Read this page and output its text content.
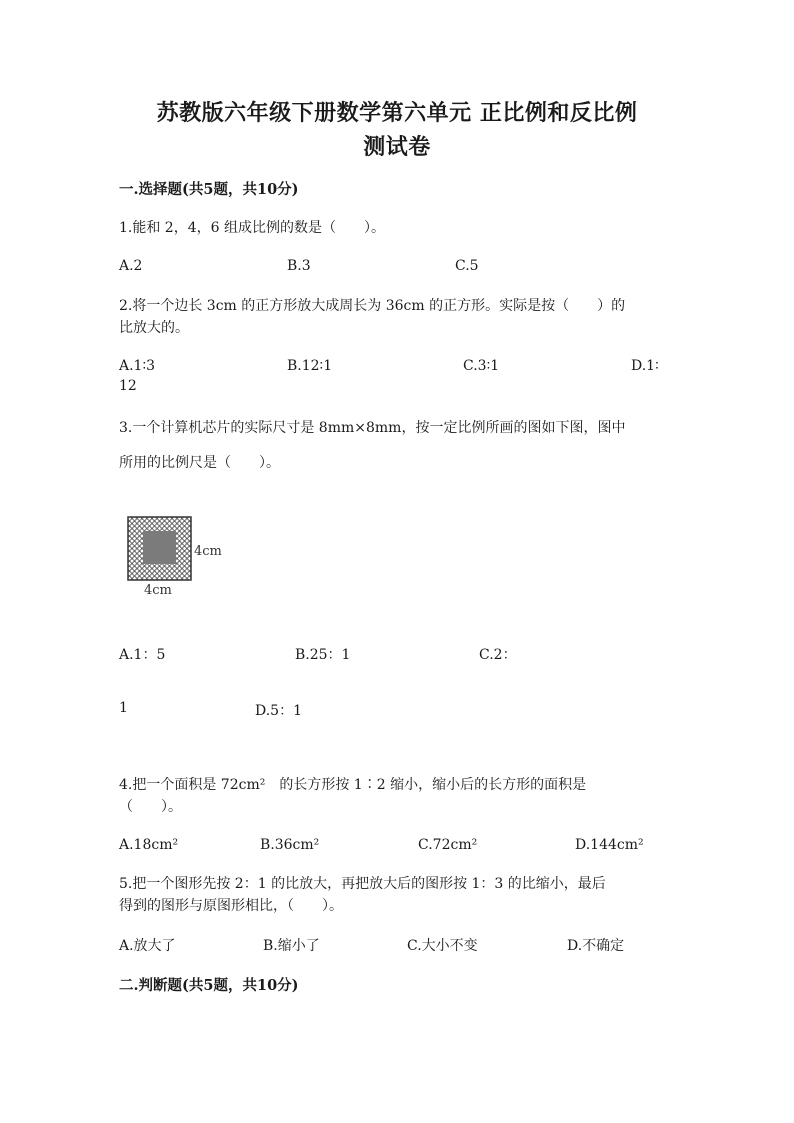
苏教版六年级下册数学第六单元 正比例和反比例
测试卷
一.选择题(共5题，共10分)
1.能和 2，4，6 组成比例的数是（　　）。
A.2	B.3	C.5
2.将一个边长 3cm 的正方形放大成周长为 36cm 的正方形。实际是按（　　）的
比放大的。
A.1∶3	B.12∶1	C.3∶1	D.1∶
12
3.一个计算机芯片的实际尺寸是 8mm×8mm，按一定比例所画的图如下图，图中
所用的比例尺是（　　）。
4cm
4cm
A.1：5	B.25：1	C.2：
1	D.5：1
4.把一个面积是 72cm²　的长方形按 1∶2 缩小，缩小后的长方形的面积是
（　　）。
A.18cm²	B.36cm²	C.72cm²	D.144cm²
5.把一个图形先按 2：1 的比放大，再把放大后的图形按 1：3 的比缩小，最后
得到的图形与原图形相比，（　　）。
A.放大了	B.缩小了	C.大小不变	D.不确定
二.判断题(共5题，共10分)
